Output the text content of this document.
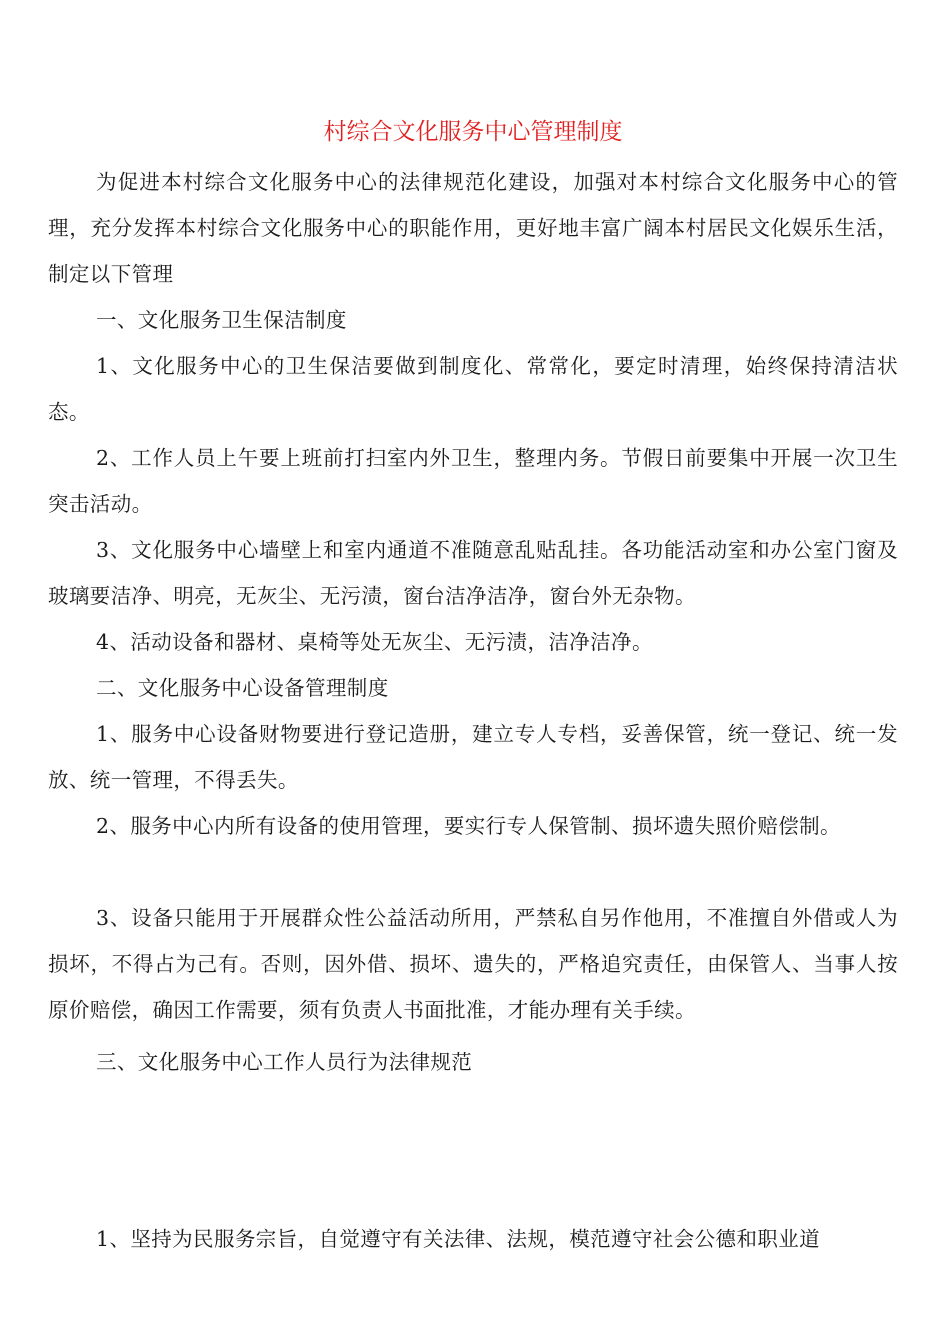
村综合文化服务中心管理制度

为促进本村综合文化服务中心的法律规范化建设，加强对本村综合文化服务中心的管理，充分发挥本村综合文化服务中心的职能作用，更好地丰富广阔本村居民文化娱乐生活，制定以下管理

一、文化服务卫生保洁制度

1、文化服务中心的卫生保洁要做到制度化、常常化，要定时清理，始终保持清洁状态。

2、工作人员上午要上班前打扫室内外卫生，整理内务。节假日前要集中开展一次卫生突击活动。

3、文化服务中心墙壁上和室内通道不准随意乱贴乱挂。各功能活动室和办公室门窗及玻璃要洁净、明亮，无灰尘、无污渍，窗台洁净洁净，窗台外无杂物。

4、活动设备和器材、桌椅等处无灰尘、无污渍，洁净洁净。

二、文化服务中心设备管理制度

1、服务中心设备财物要进行登记造册，建立专人专档，妥善保管，统一登记、统一发放、统一管理，不得丢失。

2、服务中心内所有设备的使用管理，要实行专人保管制、损坏遗失照价赔偿制。

3、设备只能用于开展群众性公益活动所用，严禁私自另作他用，不准擅自外借或人为损坏，不得占为己有。否则，因外借、损坏、遗失的，严格追究责任，由保管人、当事人按原价赔偿，确因工作需要，须有负责人书面批准，才能办理有关手续。

三、文化服务中心工作人员行为法律规范

1、坚持为民服务宗旨，自觉遵守有关法律、法规，模范遵守社会公德和职业道
